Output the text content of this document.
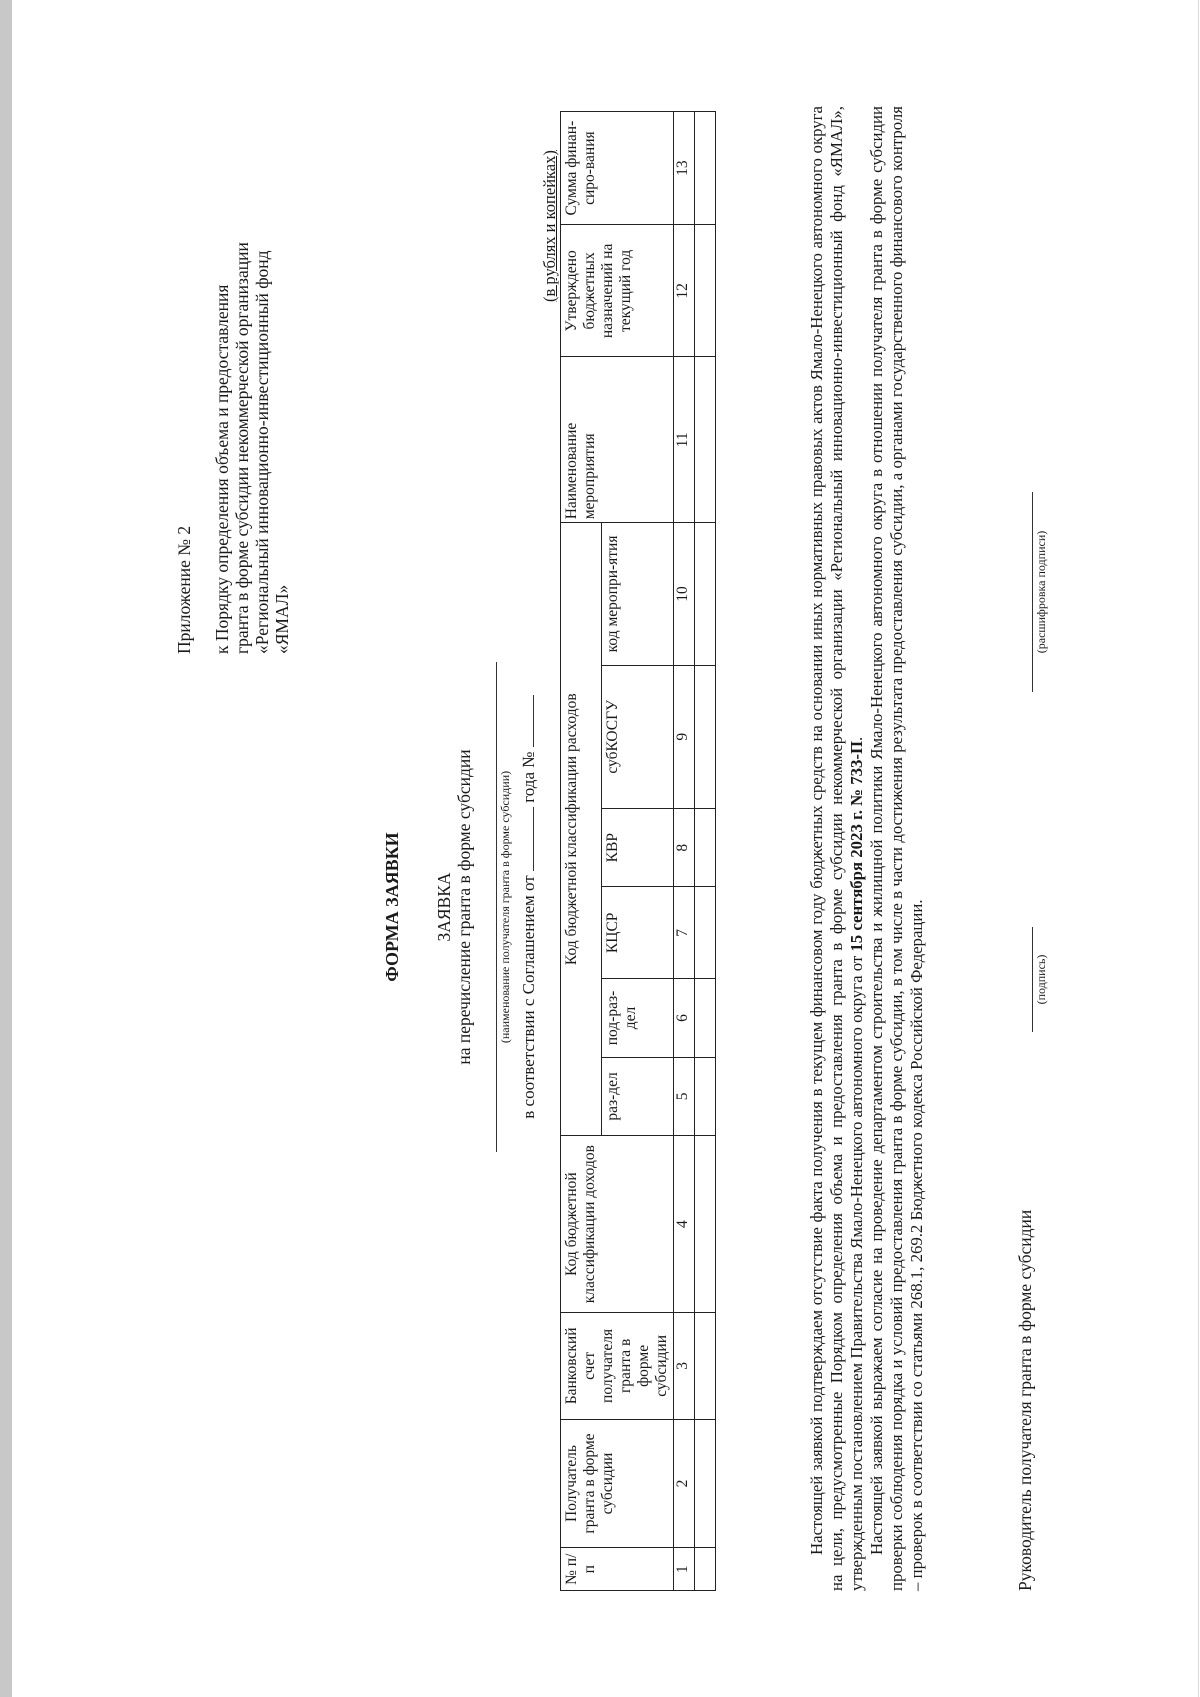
Приложение № 2 к Порядку определения объема и предоставления гранта в форме субсидии некоммерческой организации «Региональный инновационно-инвестиционный фонд «ЯМАЛ»
ФОРМА ЗАЯВКИ ЗАЯВКА на перечисление гранта в форме субсидии (наименование получателя гранта в форме субсидии) в соответствии с Соглашением от  года №
(в рублях и копейках)
№ п/п	Получатель гранта в форме субсидии	Банковский счет получателя гранта в форме субсидии	Код бюджетной классификации доходов	Код бюджетной классификации расходов						Наименование мероприятия	Утверждено бюджетных назначений на текущий год	Сумма финан-сиро-вания
				раз-дел	под-раз-дел	КЦСР	КВР	субКОСГУ	код меропри-ятия			
1	2	3	4	5	6	7	8	9	10	11	12	13
													Настоящей заявкой подтверждаем отсутствие факта получения в текущем финансовом году бюджетных средств на основании иных нормативных правовых актов Ямало-Ненецкого автономного округа на цели, предусмотренные Порядком определения объема и предоставления гранта в форме субсидии некоммерческой организации «Региональный инновационно-инвестиционный фонд «ЯМАЛ», утвержденным постановлением Правительства Ямало-Ненецкого автономного округа от 15 сентября 2023 г. № 733-П. Настоящей заявкой выражаем согласие на проведение департаментом строительства и жилищной политики Ямало-Ненецкого автономного округа в отношении получателя гранта в форме субсидии проверки соблюдения порядка и условий предоставления гранта в форме субсидии, в том числе в части достижения результата предоставления субсидии, а органами государственного финансового контроля – проверок в соответствии со статьями 268.1, 269.2 Бюджетного кодекса Российской Федерации.	Руководитель получателя гранта в форме субсидии
(подпись)
(расшифровка подписи)
